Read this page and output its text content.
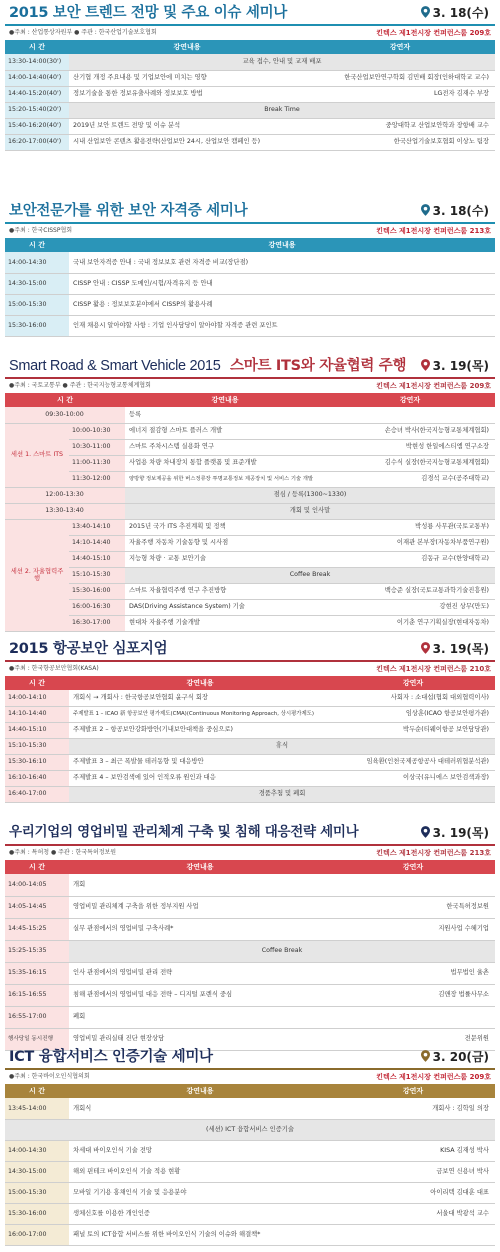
2015 보안 트렌드 전망 및 주요 이슈 세미나	3. 18(수)
●주최 : 산업통상자원부 ● 주관 : 한국산업기술보호협회	킨텍스 제1전시장 컨퍼런스룸 209호
시 간	강연내용	강연자
13:30-14:00(30')	교육 접수, 안내 및 교재 배포	
14:00-14:40(40')	산기협 개정 주요내용 및 기업보안에 미치는 영향	한국산업보안연구학회 김민배 회장(인하대학교 교수)
14:40-15:20(40')	정보기술을 통한 정보유출사례와 정보보호 방법	LG전자 김재수 부장
15:20-15:40(20')	Break Time	
15:40-16:20(40')	2019년 보안 트렌드 전망 및 이슈 분석	중앙대학교 산업보안학과 장항배 교수
16:20-17:00(40')	시내 산업보안 콘텐츠 활용전략(산업보안 24시, 산업보안 캠페인 등)	한국산업기술보호협회 이상노 팀장
보안전문가를 위한 보안 자격증 세미나	3. 18(수)
●주최 : 한국CISSP협회	킨텍스 제1전시장 컨퍼런스룸 213호
시 간	강연내용
14:00-14:30	국내 보안자격증 안내 : 국내 정보보호 관련 자격증 비교(장단점)
14:30-15:00	CISSP 안내 : CISSP 도메인/시험/자격유지 등 안내
15:00-15:30	CISSP 활용 : 정보보호분야에서 CISSP의 활용사례
15:30-16:00	인재 채용시 알아야할 사항 : 기업 인사담당이 알아야할 자격증 관련 포인트
Smart Road & Smart Vehicle 2015 스마트 ITS와 자율협력 주행	3. 19(목)
●주최 : 국토교통부 ● 주관 : 한국지능형교통체계협회	킨텍스 제1전시장 컨퍼런스룸 209호
시 간		강연내용	강연자
09:30-10:00		등록	
세션 1. 스마트 ITS	10:00-10:30	에너지 절감형 스마트 플러스 개발	손승녀 박사(한국지능형교통체계협회)
	10:30-11:00	스마트 주차시스템 실용화 연구	박현성 한일에스티엠 연구소장
	11:00-11:30	사업용 차량 차내장치 통합 플랫폼 및 표준개발	김수식 실장(한국지능형교통체계협회)
	11:30-12:00	양방향 정보제공을 위한 버스정류장 투명교통정보 제공장치 및 서비스 기술 개발	김경석 교수(공주대학교)
12:00-13:30		점심 / 등록(1300~1330)	
13:30-13:40		개회 및 인사말	
세션 2. 자율협력주행	13:40-14:10	2015년 국가 ITS 추진계획 및 정책	박성룡 사무관(국토교통부)
	14:10-14:40	자율주행 자동차 기술동향 및 시사점	이재관 본부장(자동차부품연구원)
	14:40-15:10	지능형 차량 · 교통 보안기술	김동규 교수(한양대학교)
	15:10-15:30	Coffee Break	
	15:30-16:00	스마트 자율협력주행 연구 추진방향	백승준 실장(국토교통과학기술진흥원)
	16:00-16:30	DAS(Driving Assistance System) 기술	강현진 상무(만도)
	16:30-17:00	현대차 자율주행 기술개발	이기춘 연구기획실장(현대자동차)
2015 항공보안 심포지엄	3. 19(목)
●주최 : 한국항공보안협회(KASA)	킨텍스 제1전시장 컨퍼런스룸 210호
시 간	강연내용	강연자
14:00-14:10	개회식 → 개회사 : 한국항공보안협회 윤구식 회장	사회자 : 소대섭(협회 대외협력이사)
14:10-14:40	주제발표 1 – ICAO 新 항공보안 평가제도(CMA)(Continuous Monitoring Approach, 상시평가제도)	임상훈(ICAO 항공보안평가관)
14:40-15:10	주제발표 2 – 항공보안강화방안(기내보안대책을 중심으로)	박두순(티웨이항공 보안담당관)
15:10-15:30	휴식	
15:30-16:10	주제발표 3 – 최근 폭발물 테러동향 및 대응방안	임육환(인천국제공항공사 대테러위협분석관)
16:10-16:40	주제발표 4 – 보안검색에 있어 인적오류 원인과 대응	이상국(유니에스 보안검색과장)
16:40-17:00	경품추첨 및 폐회	
우리기업의 영업비밀 관리체계 구축 및 침해 대응전략 세미나	3. 19(목)
●주최 : 특허청 ● 주관 : 한국특허정보원	킨텍스 제1전시장 컨퍼런스룸 213호
시 간	강연내용	강연자
14:00-14:05	개회	
14:05-14:45	영업비밀 관리체계 구축을 위한 정부지원 사업	한국특허정보원
14:45-15:25	실무 관점에서의 영업비밀 구축사례*	지원사업 수혜기업
15:25-15:35	Coffee Break	
15:35-16:15	인사 관점에서의 영업비밀 관리 전략	법무법인 율촌
16:15-16:55	침해 관점에서의 영업비밀 대응 전략 – 디지털 포렌식 중심	김앤장 법률사무소
16:55-17:00	폐회	
행사당일 동시진행	영업비밀 관리실태 진단 현장상담	전문위원
ICT 융합서비스 인증기술 세미나	3. 20(금)
●주최 : 한국바이오인식협의회	킨텍스 제1전시장 컨퍼런스룸 209호
시 간	강연내용	강연자
13:45-14:00	개회식	개회사 : 김학일 의장
(세션) ICT 융합서비스 인증기술		
14:00-14:30	차세대 바이오인식 기술 전망	KISA 김재성 박사
14:30-15:00	해외 핀테크 바이오인식 기술 적용 현황	금보연 신용녀 박사
15:00-15:30	모바일 기기용 홍채인식 기술 및 응용분야	아이리텍 김대훈 대표
15:30-16:00	생체신호를 이용한 개인인증	서울대 박광석 교수
16:00-17:00	패널 토의 ICT융합 서비스를 위한 바이오인식 기술의 이슈와 해결책*	
